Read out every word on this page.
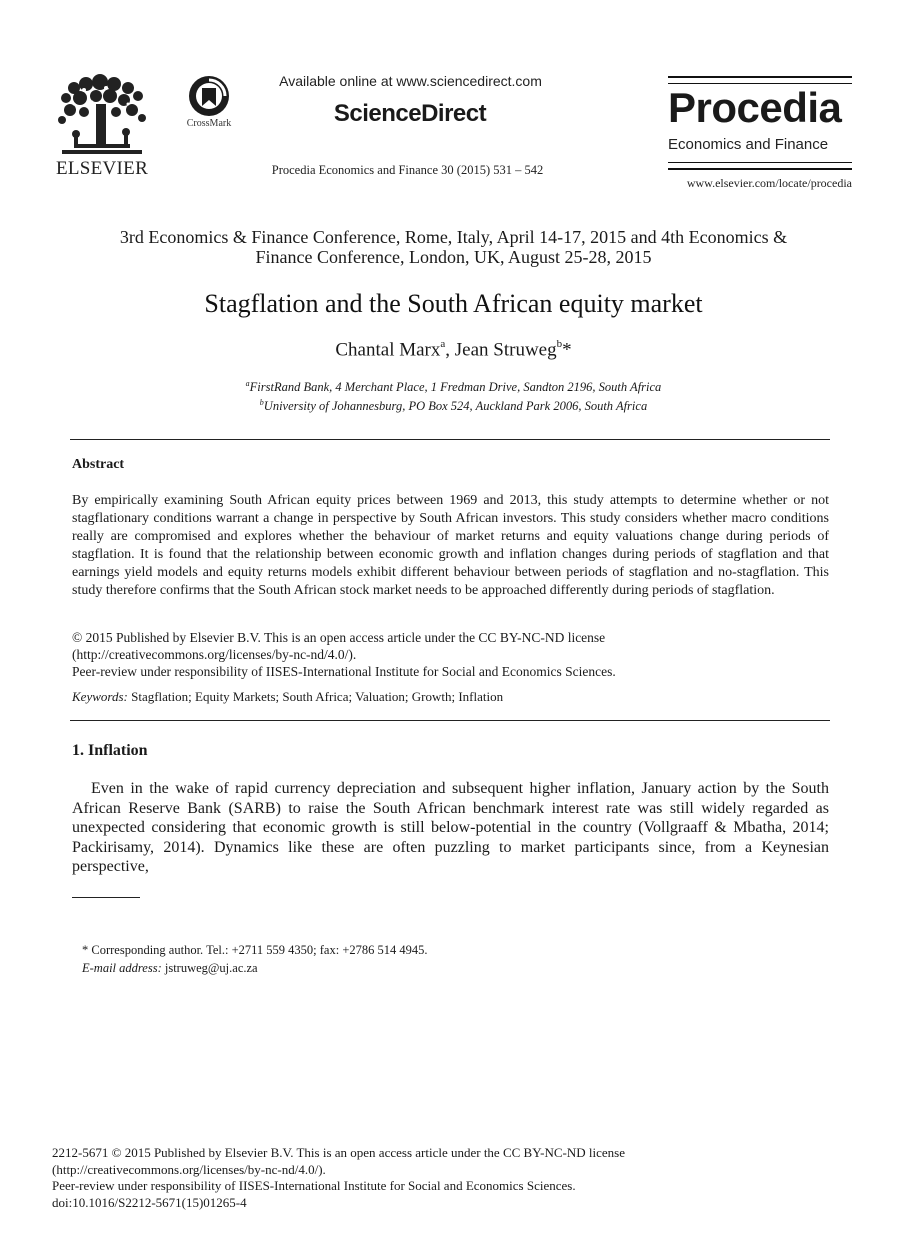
ELSEVIER
CrossMark
Available online at www.sciencedirect.com
ScienceDirect
Procedia Economics and Finance 30 (2015) 531 – 542
Procedia
Economics and Finance
www.elsevier.com/locate/procedia
3rd Economics & Finance Conference, Rome, Italy, April 14-17, 2015 and 4th Economics &
Finance Conference, London, UK, August 25-28, 2015
Stagflation and the South African equity market
Chantal Marx$^a$, Jean Struweg$^b$*
$^a$FirstRand Bank, 4 Merchant Place, 1 Fredman Drive, Sandton 2196, South Africa
$^b$University of Johannesburg, PO Box 524, Auckland Park 2006, South Africa
Abstract
By empirically examining South African equity prices between 1969 and 2013, this study attempts to determine whether or not stagflationary conditions warrant a change in perspective by South African investors. This study considers whether macro conditions really are compromised and explores whether the behaviour of market returns and equity valuations change during periods of stagflation. It is found that the relationship between economic growth and inflation changes during periods of stagflation and that earnings yield models and equity returns models exhibit different behaviour between periods of stagflation and no-stagflation. This study therefore confirms that the South African stock market needs to be approached differently during periods of stagflation.
© 2015 Published by Elsevier B.V. This is an open access article under the CC BY-NC-ND license
(http://creativecommons.org/licenses/by-nc-nd/4.0/).
Peer-review under responsibility of IISES-International Institute for Social and Economics Sciences.
Keywords: Stagflation; Equity Markets; South Africa; Valuation; Growth; Inflation
1. Inflation
Even in the wake of rapid currency depreciation and subsequent higher inflation, January action by the South African Reserve Bank (SARB) to raise the South African benchmark interest rate was still widely regarded as unexpected considering that economic growth is still below-potential in the country (Vollgraaff & Mbatha, 2014; Packirisamy, 2014). Dynamics like these are often puzzling to market participants since, from a Keynesian perspective,
* Corresponding author. Tel.: +2711 559 4350; fax: +2786 514 4945.
E-mail address: jstruweg@uj.ac.za
2212-5671 © 2015 Published by Elsevier B.V. This is an open access article under the CC BY-NC-ND license
(http://creativecommons.org/licenses/by-nc-nd/4.0/).
Peer-review under responsibility of IISES-International Institute for Social and Economics Sciences.
doi:10.1016/S2212-5671(15)01265-4
